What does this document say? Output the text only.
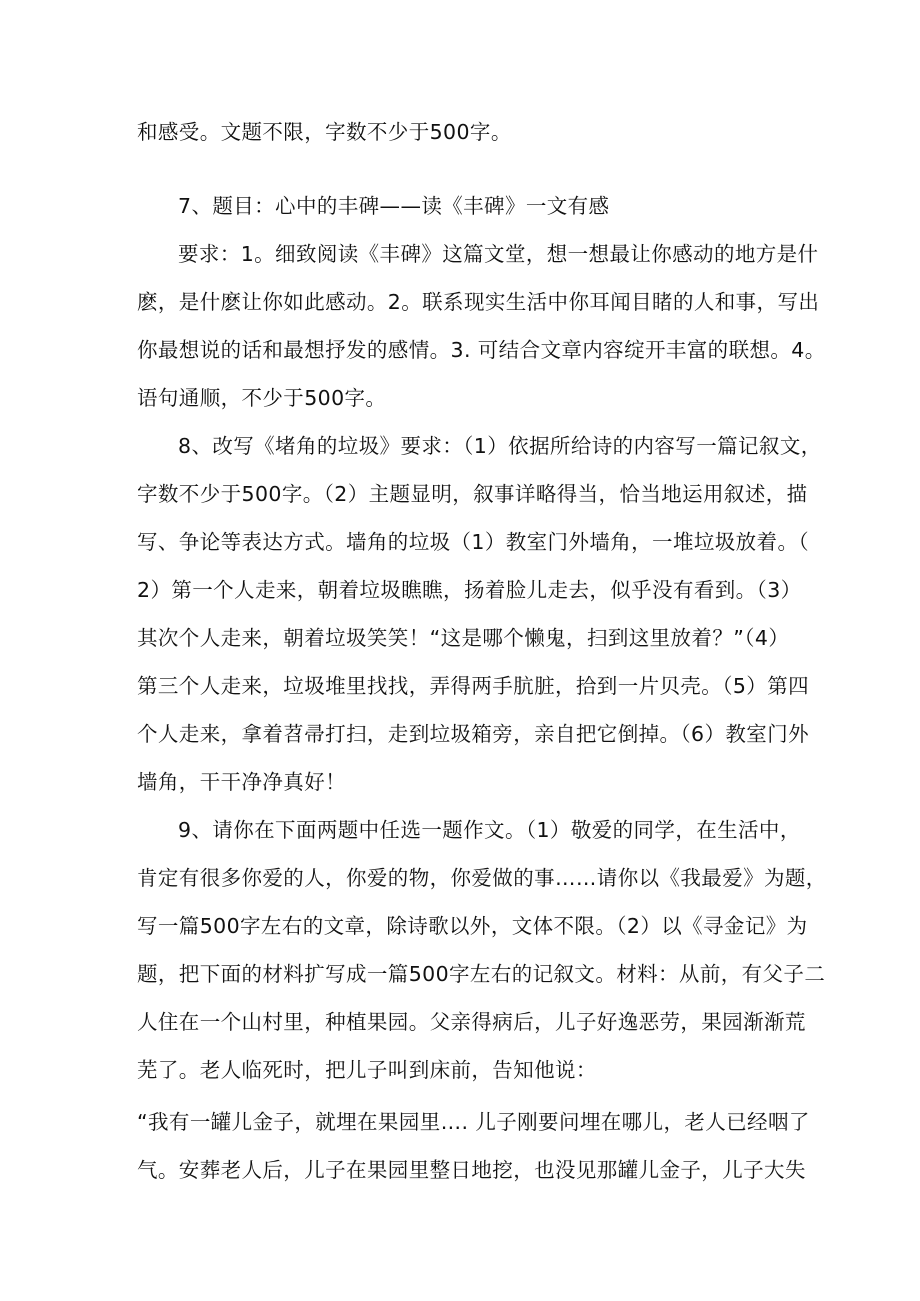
和感受。文题不限，字数不少于500字。
7、题目：心中的丰碑——读《丰碑》一文有感
要求：1。细致阅读《丰碑》这篇文堂，想一想最让你感动的地方是什
麽，是什麽让你如此感动。2。联系现实生活中你耳闻目睹的人和事，写出
你最想说的话和最想抒发的感情。3. 可结合文章内容绽开丰富的联想。4。
语句通顺，不少于500字。
8、改写《堵角的垃圾》要求：（1）依据所给诗的内容写一篇记叙文，
字数不少于500字。（2）主题显明，叙事详略得当，恰当地运用叙述，描
写、争论等表达方式。墙角的垃圾（1）教室门外墙角，一堆垃圾放着。（
2）第一个人走来，朝着垃圾瞧瞧，扬着脸儿走去，似乎没有看到。（3）
其次个人走来，朝着垃圾笑笑！“这是哪个懒鬼，扫到这里放着？”（4）
第三个人走来，垃圾堆里找找，弄得两手肮脏，拾到一片贝壳。（5）第四
个人走来，拿着苕帚打扫，走到垃圾箱旁，亲自把它倒掉。（6）教室门外
墙角，干干净净真好！
9、请你在下面两题中任选一题作文。（1）敬爱的同学，在生活中，
肯定有很多你爱的人，你爱的物，你爱做的事……请你以《我最爱》为题，
写一篇500字左右的文章，除诗歌以外，文体不限。（2）以《寻金记》为
题，把下面的材料扩写成一篇500字左右的记叙文。材料：从前，有父子二
人住在一个山村里，种植果园。父亲得病后，儿子好逸恶劳，果园渐渐荒
芜了。老人临死时，把儿子叫到床前，告知他说：
“我有一罐儿金子，就埋在果园里…. 儿子刚要问埋在哪儿，老人已经咽了
气。安葬老人后，儿子在果园里整日地挖，也没见那罐儿金子，儿子大失
